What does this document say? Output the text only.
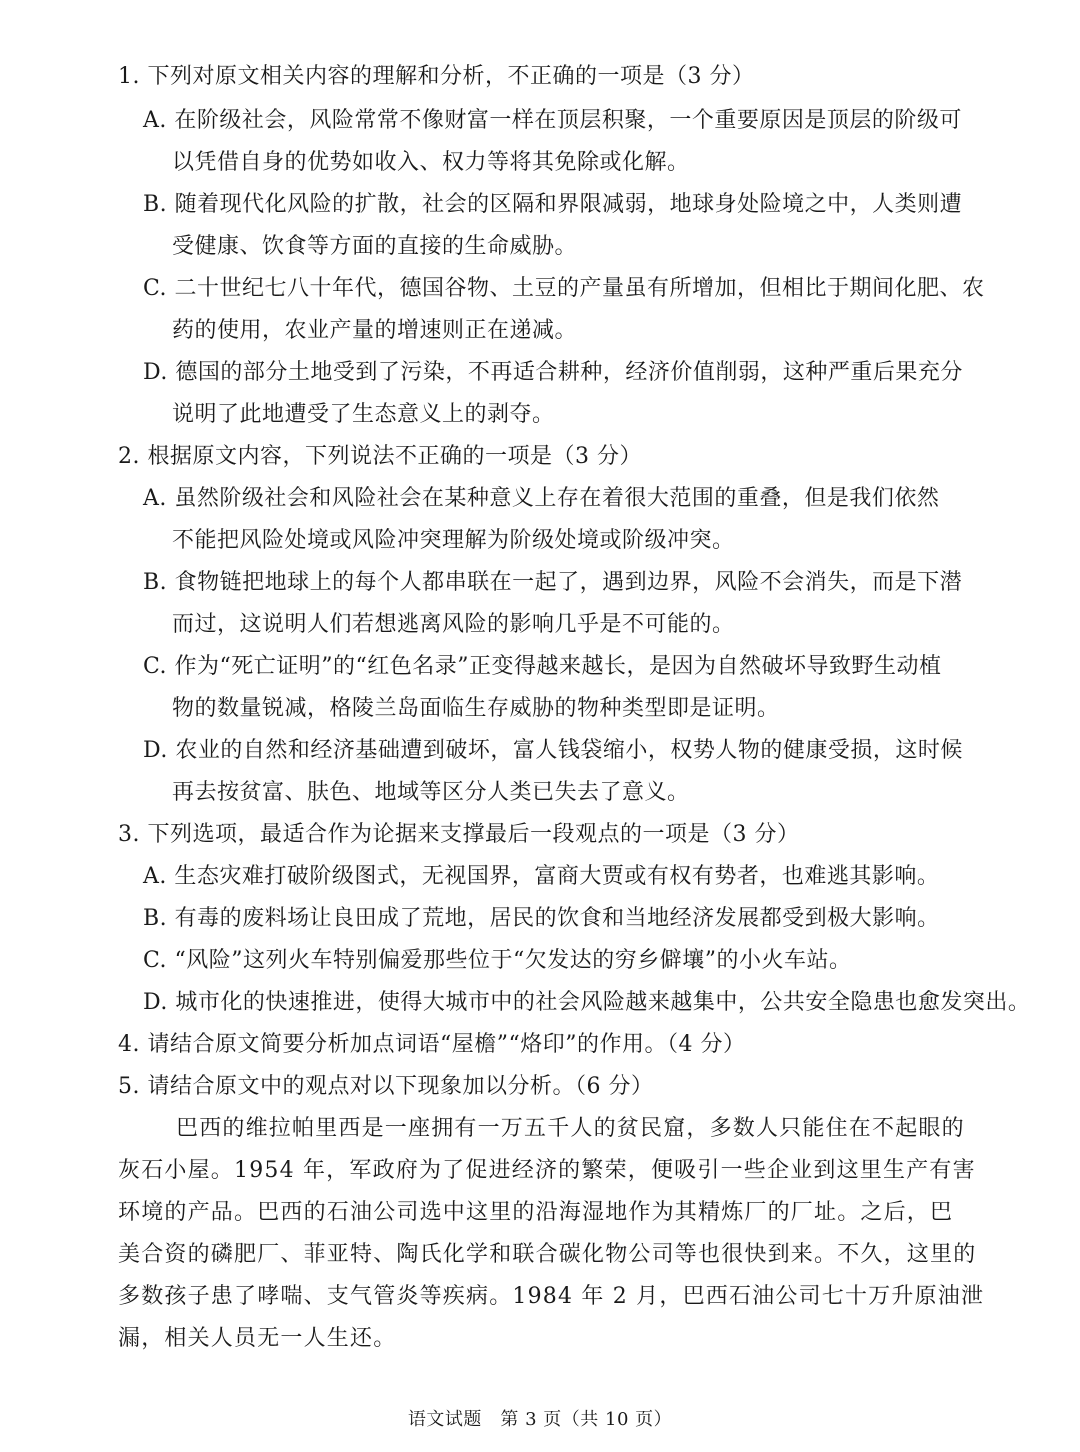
1. 下列对原文相关内容的理解和分析，不正确的一项是（3 分）
A. 在阶级社会，风险常常不像财富一样在顶层积聚，一个重要原因是顶层的阶级可
以凭借自身的优势如收入、权力等将其免除或化解。
B. 随着现代化风险的扩散，社会的区隔和界限减弱，地球身处险境之中，人类则遭
受健康、饮食等方面的直接的生命威胁。
C. 二十世纪七八十年代，德国谷物、土豆的产量虽有所增加，但相比于期间化肥、农
药的使用，农业产量的增速则正在递减。
D. 德国的部分土地受到了污染，不再适合耕种，经济价值削弱，这种严重后果充分
说明了此地遭受了生态意义上的剥夺。
2. 根据原文内容，下列说法不正确的一项是（3 分）
A. 虽然阶级社会和风险社会在某种意义上存在着很大范围的重叠，但是我们依然
不能把风险处境或风险冲突理解为阶级处境或阶级冲突。
B. 食物链把地球上的每个人都串联在一起了，遇到边界，风险不会消失，而是下潜
而过，这说明人们若想逃离风险的影响几乎是不可能的。
C. 作为“死亡证明”的“红色名录”正变得越来越长，是因为自然破坏导致野生动植
物的数量锐减，格陵兰岛面临生存威胁的物种类型即是证明。
D. 农业的自然和经济基础遭到破坏，富人钱袋缩小，权势人物的健康受损，这时候
再去按贫富、肤色、地域等区分人类已失去了意义。
3. 下列选项，最适合作为论据来支撑最后一段观点的一项是（3 分）
A. 生态灾难打破阶级图式，无视国界，富商大贾或有权有势者，也难逃其影响。
B. 有毒的废料场让良田成了荒地，居民的饮食和当地经济发展都受到极大影响。
C. “风险”这列火车特别偏爱那些位于“欠发达的穷乡僻壤”的小火车站。
D. 城市化的快速推进，使得大城市中的社会风险越来越集中，公共安全隐患也愈发突出。
4. 请结合原文简要分析加点词语“屋檐”“烙印”的作用。（4 分）
5. 请结合原文中的观点对以下现象加以分析。（6 分）
巴西的维拉帕里西是一座拥有一万五千人的贫民窟，多数人只能住在不起眼的
灰石小屋。1954 年，军政府为了促进经济的繁荣，便吸引一些企业到这里生产有害
环境的产品。巴西的石油公司选中这里的沿海湿地作为其精炼厂的厂址。之后，巴
美合资的磷肥厂、菲亚特、陶氏化学和联合碳化物公司等也很快到来。不久，这里的
多数孩子患了哮喘、支气管炎等疾病。1984 年 2 月，巴西石油公司七十万升原油泄
漏，相关人员无一人生还。
语文试题　第 3 页（共 10 页）
